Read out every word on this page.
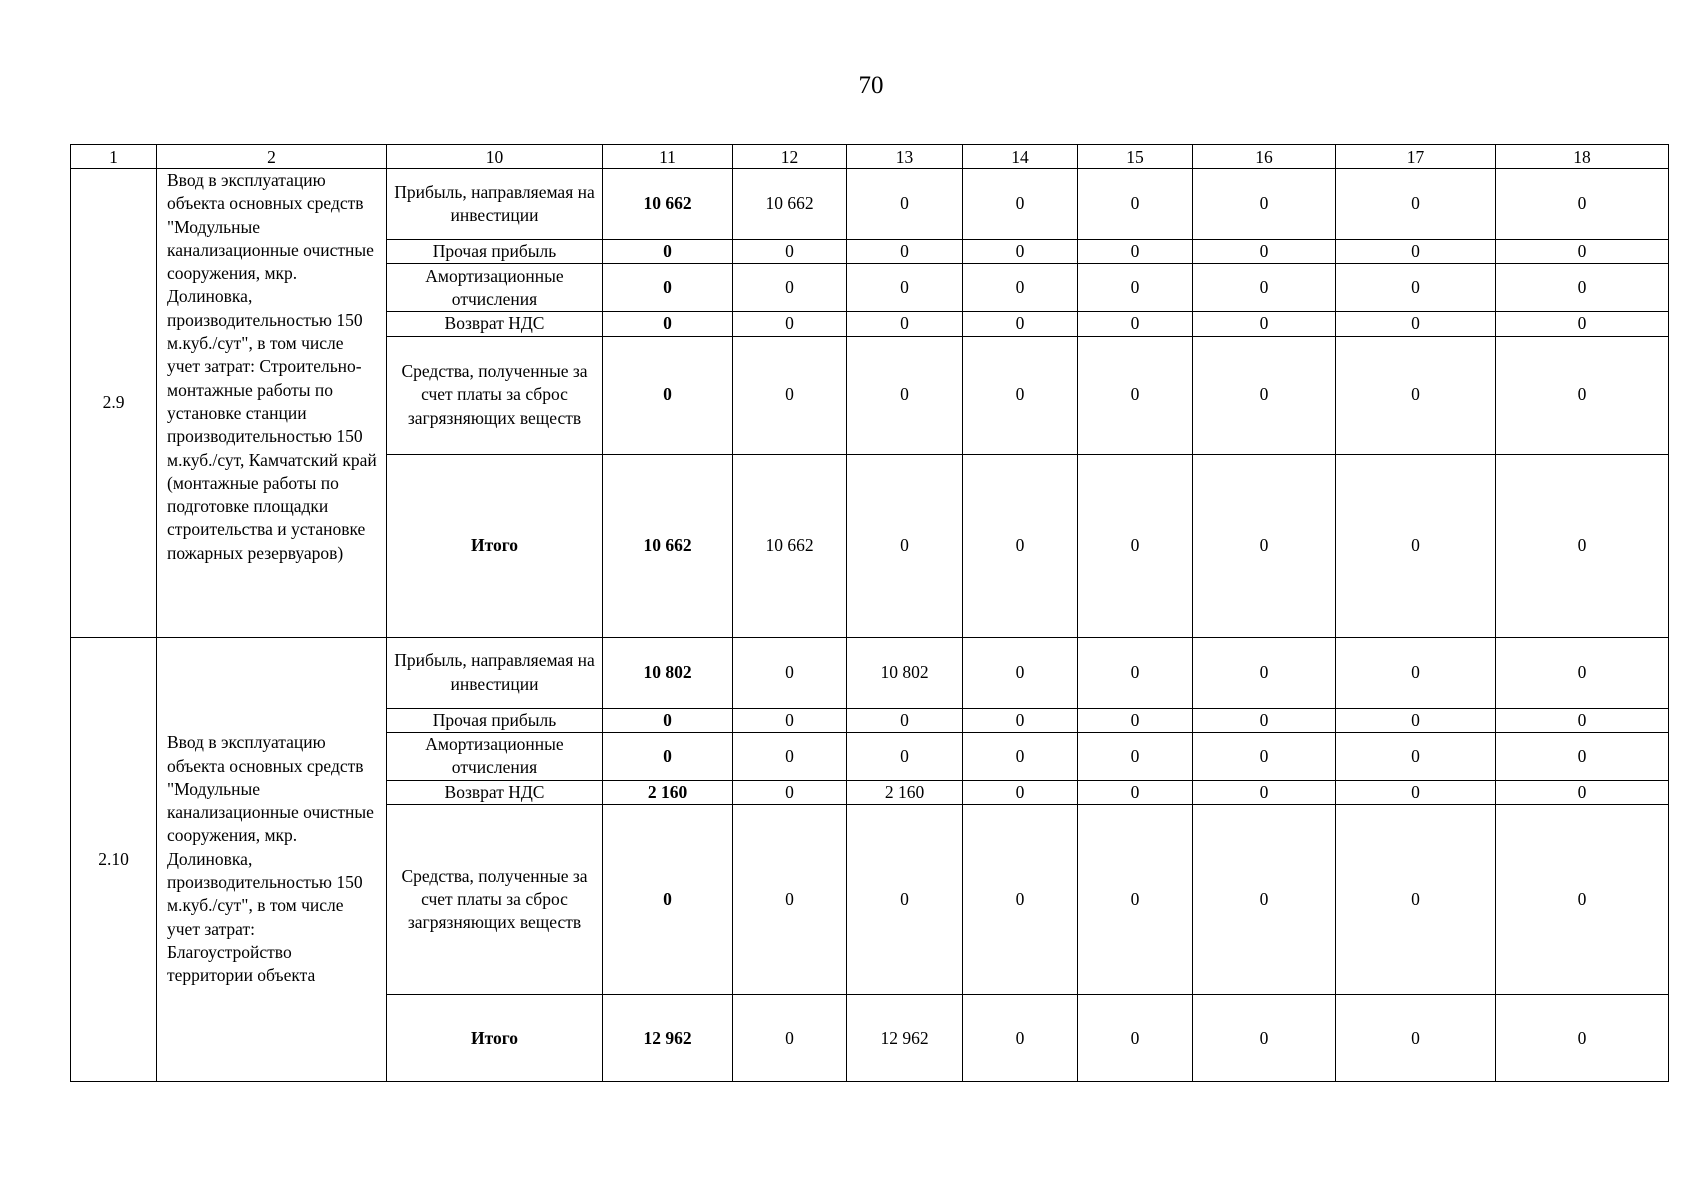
70
1	2	10	11	12	13	14	15	16	17	18
2.9	Ввод в эксплуатацию объекта основных средств "Модульные канализационные очистные сооружения, мкр. Долиновка, производительностью 150 м.куб./сут", в том числе учет затрат: Строительно-монтажные работы по установке станции производительностью 150 м.куб./сут, Камчатский край (монтажные работы по подготовке площадки строительства и установке пожарных резервуаров)	Прибыль, направляемая на инвестиции	10 662	10 662	0	0	0	0	0	0
		Прочая прибыль	0	0	0	0	0	0	0	0
		Амортизационные отчисления	0	0	0	0	0	0	0	0
		Возврат НДС	0	0	0	0	0	0	0	0
		Средства, полученные за счет платы за сброс загрязняющих веществ	0	0	0	0	0	0	0	0
		Итого	10 662	10 662	0	0	0	0	0	0
2.10	Ввод в эксплуатацию объекта основных средств "Модульные канализационные очистные сооружения, мкр. Долиновка, производительностью 150 м.куб./сут", в том числе учет затрат: Благоустройство территории объекта	Прибыль, направляемая на инвестиции	10 802	0	10 802	0	0	0	0	0
		Прочая прибыль	0	0	0	0	0	0	0	0
		Амортизационные отчисления	0	0	0	0	0	0	0	0
		Возврат НДС	2 160	0	2 160	0	0	0	0	0
		Средства, полученные за счет платы за сброс загрязняющих веществ	0	0	0	0	0	0	0	0
		Итого	12 962	0	12 962	0	0	0	0	0
